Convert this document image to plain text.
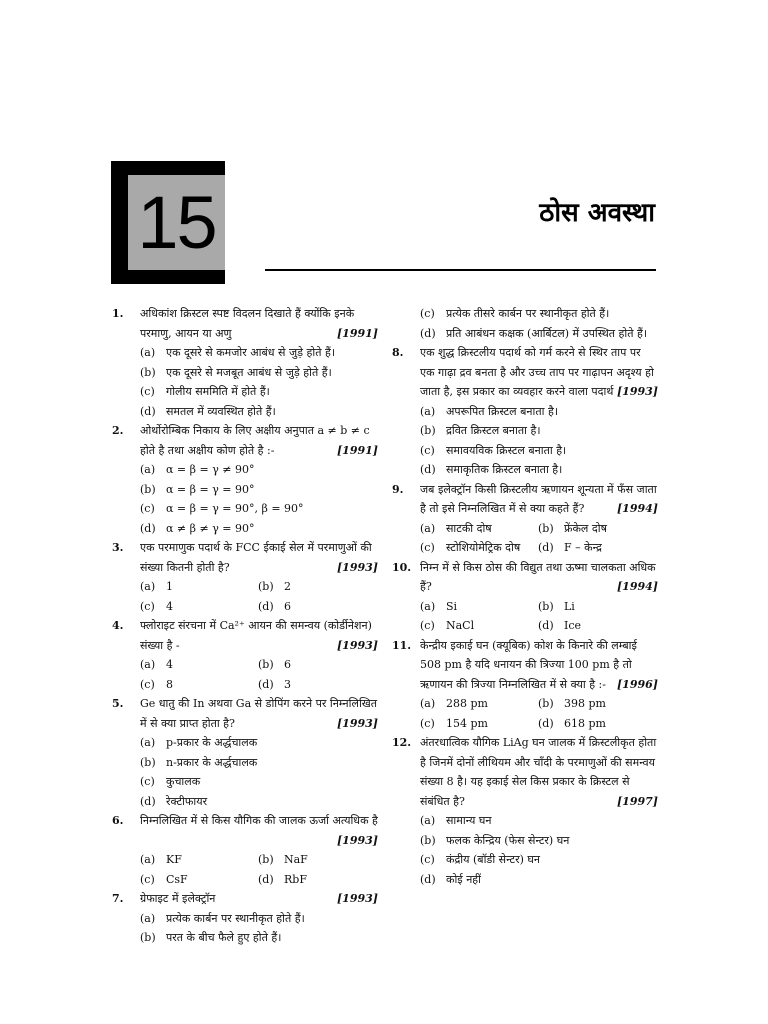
15	ठोस अवस्था
1.	अधिकांश क्रिस्टल स्पष्ट विदलन दिखाते हैं क्योंकि इनके परमाणु, आयन या अणु	[1991]
(a) एक दूसरे से कमजोर आबंध से जुड़े होते हैं।
(b) एक दूसरे से मजबूत आबंध से जुड़े होते हैं।
(c)	गोलीय सममिति में होते हैं।
(d) समतल में व्यवस्थित होते हैं।
2.	ओर्थोरोम्बिक निकाय के लिए अक्षीय अनुपात a ≠ b ≠ c होते है तथा अक्षीय कोण होते है :-	[1991]
(a) α = β = γ ≠ 90°
(b) α = β = γ = 90°
(c)	α = β = γ = 90°, β = 90°
(d) α ≠ β ≠ γ = 90°
3.	एक परमाणुक पदार्थ के FCC ईकाई सेल में परमाणुओं की संख्या कितनी होती है?	[1993]
(a) 1	(b) 2
(c)	4	(d) 6
4.	फ्लोराइट संरचना में Ca²⁺ आयन की समन्वय (कोर्डीनेशन) संख्या है -	[1993]
(a) 4	(b) 6
(c)	8	(d) 3
5.	Ge धातु की In अथवा Ga से डोपिंग करने पर निम्नलिखित में से क्या प्राप्त होता है?	[1993]
(a) p-प्रकार के अर्द्धचालक
(b) n-प्रकार के अर्द्धचालक
(c)	कुचालक
(d) रेक्टीफायर
6.	निम्नलिखित में से किस यौगिक की जालक ऊर्जा अत्यधिक है
[1993]
(a) KF	(b) NaF
(c)	CsF	(d) RbF
7.	ग्रेफाइट में इलेक्ट्रॉन	[1993]
(a) प्रत्येक कार्बन पर स्थानीकृत होते हैं।
(b) परत के बीच फैले हुए होते हैं।
(c)	प्रत्येक तीसरे कार्बन पर स्थानीकृत होते हैं।
(d) प्रति आबंधन कक्षक (आर्बिटल) में उपस्थित होते हैं।
8.	एक शुद्ध क्रिस्टलीय पदार्थ को गर्म करने से स्थिर ताप पर एक गाढ़ा द्रव बनता है और उच्च ताप पर गाढ़ापन अदृश्य हो जाता है, इस प्रकार का व्यवहार करने वाला पदार्थ [1993]
(a) अपरूपित क्रिस्टल बनाता है।
(b) द्रवित क्रिस्टल बनाता है।
(c)	समावयविक क्रिस्टल बनाता है।
(d) समाकृतिक क्रिस्टल बनाता है।
9.	जब इलेक्ट्रॉन किसी क्रिस्टलीय ऋणायन शून्यता में फँस जाता है तो इसे निम्नलिखित में से क्या कहते हैं?	[1994]
(a) साटकी दोष	(b) फ्रेंकेल दोष
(c)	स्टोशियोमेट्रिक दोष (d) F – केन्द्र
10. निम्न में से किस ठोस की विद्युत तथा ऊष्मा चालकता अधिक हैं?	[1994]
(a) Si	(b) Li
(c)	NaCl	(d) Ice
11. केन्द्रीय इकाई घन (क्यूबिक) कोश के किनारे की लम्बाई 508 pm है यदि धनायन की त्रिज्या 100 pm है तो ऋणायन की त्रिज्या निम्नलिखित में से क्या है :- [1996]
(a) 288 pm	(b) 398 pm
(c)	154 pm	(d) 618 pm
12. अंतरधात्विक यौगिक LiAg घन जालक में क्रिस्टलीकृत होता है जिनमें दोनों लीथियम और चाँदी के परमाणुओं की समन्वय संख्या 8 है। यह इकाई सेल किस प्रकार के क्रिस्टल से संबंधित है?	[1997]
(a) सामान्य घन
(b) फलक केन्द्रिय (फेस सेन्टर) घन
(c)	कंद्रीय (बॉडी सेन्टर) घन
(d) कोई नहीं
